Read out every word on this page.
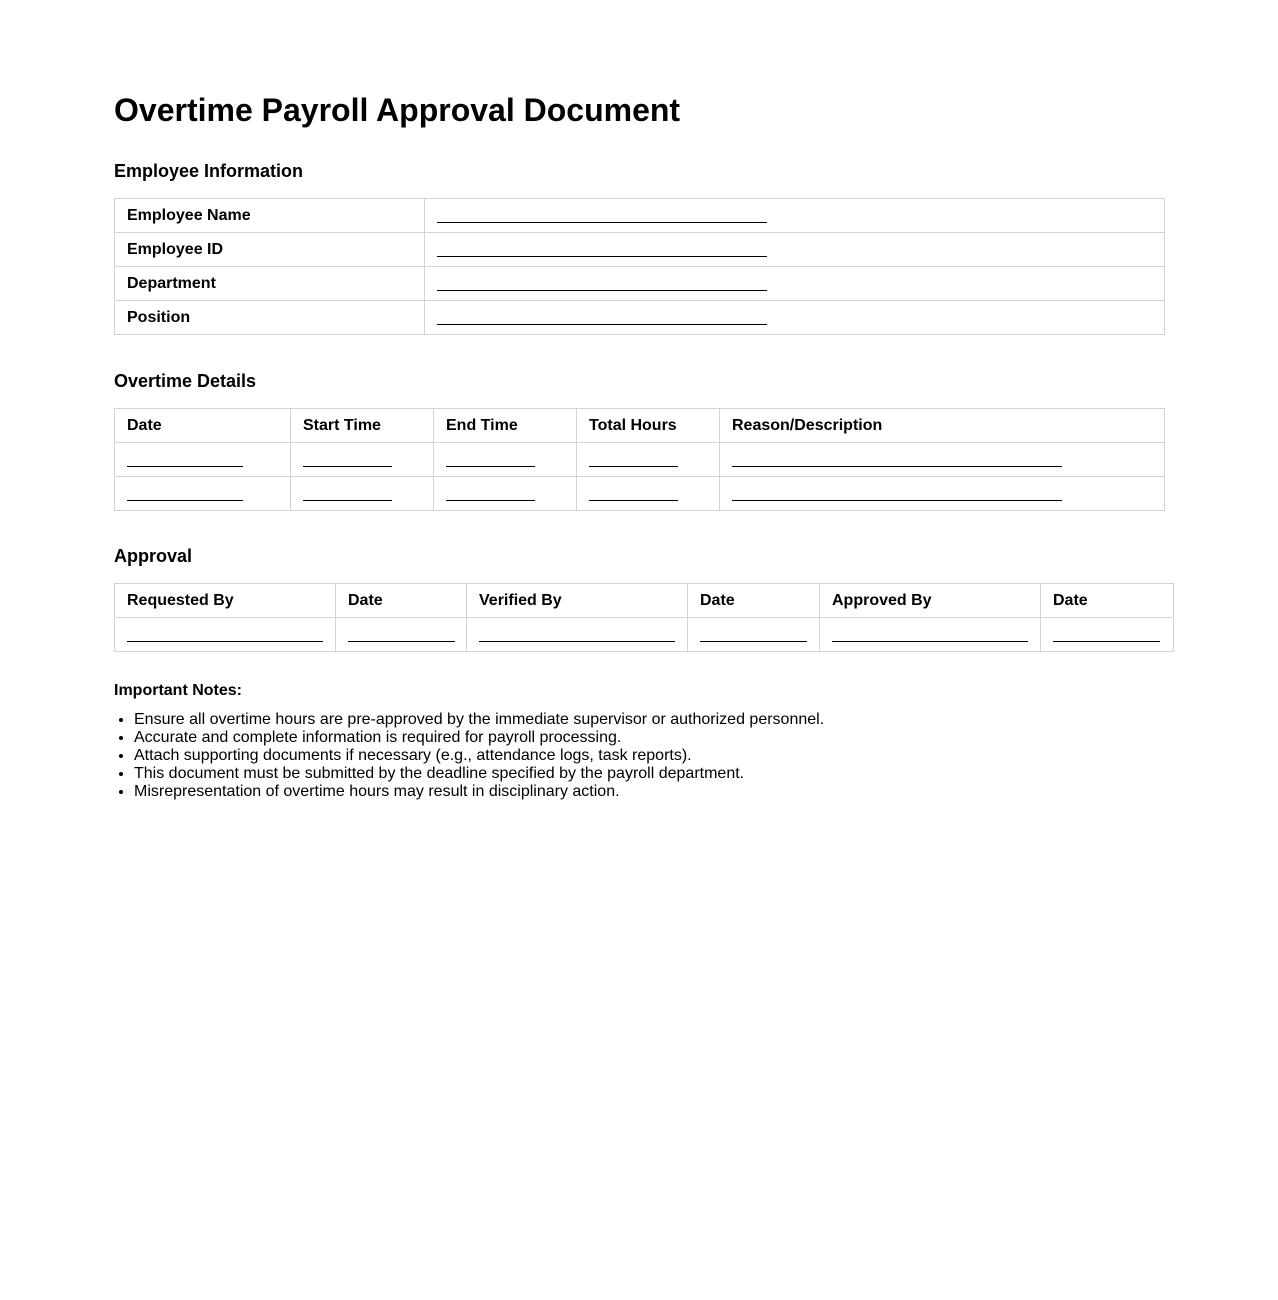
Overtime Payroll Approval Document
Employee Information
Employee Name	

Employee ID	

Department	

Position	
Overtime Details
Date	Start Time	End Time	Total Hours	Reason/Description

Approval
Requested By	Date	Verified By	Date	Approved By	Date

Important Notes:

• Ensure all overtime hours are pre-approved by the immediate supervisor or authorized personnel.
• Accurate and complete information is required for payroll processing.
• Attach supporting documents if necessary (e.g., attendance logs, task reports).
• This document must be submitted by the deadline specified by the payroll department.
• Misrepresentation of overtime hours may result in disciplinary action.
